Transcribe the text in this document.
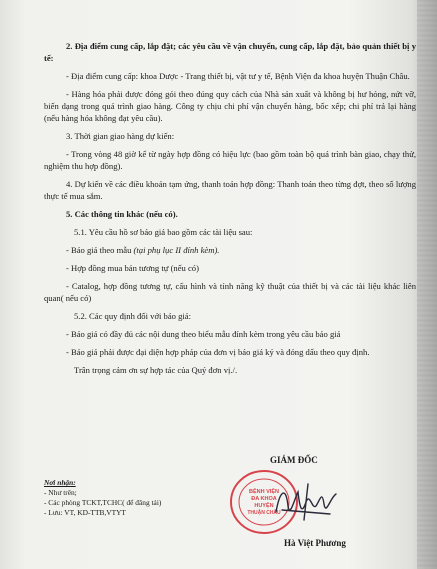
2. Địa điểm cung cấp, lắp đặt; các yêu cầu về vận chuyển, cung cấp, lắp đặt, bảo quản thiết bị y tế:

- Địa điểm cung cấp: khoa Dược - Trang thiết bị, vật tư y tế, Bệnh Viện đa khoa huyện Thuận Châu.

- Hàng hóa phải được đóng gói theo đúng quy cách của Nhà sản xuất và không bị hư hỏng, nứt vỡ, biến dạng trong quá trình giao hàng. Công ty chịu chi phí vận chuyển hàng, bốc xếp; chi phí trả lại hàng (nếu hàng hóa không đạt yêu cầu).

3. Thời gian giao hàng dự kiến:

- Trong vòng 48 giờ kể từ ngày hợp đồng có hiệu lực (bao gồm toàn bộ quá trình bàn giao, chạy thử, nghiệm thu hợp đồng).

4. Dự kiến về các điều khoản tạm ứng, thanh toán hợp đồng: Thanh toán theo từng đợt, theo số lượng thực tế mua sắm.

5. Các thông tin khác (nếu có).

5.1. Yêu cầu hồ sơ báo giá bao gồm các tài liệu sau:

- Báo giá theo mẫu (tại phụ lục II đính kèm).

- Hợp đồng mua bán tương tự (nếu có)

- Catalog, hợp đồng tương tự, cấu hình và tính năng kỹ thuật của thiết bị và các tài liệu khác liên quan( nếu có)

5.2. Các quy định đối với báo giá:

- Báo giá có đầy đủ các nội dung theo biểu mẫu đính kèm trong yêu cầu báo giá

- Báo giá phải được đại diện hợp pháp của đơn vị báo giá ký và đóng dấu theo quy định.

Trân trọng cảm ơn sự hợp tác của Quý đơn vị./.

Nơi nhận:
- Như trên;
- Các phòng TCKT,TCHC( để đăng tải)
- Lưu: VT, KD-TTB,VTYT
GIÁM ĐỐC
BỆNH VIỆN
ĐA KHOA
HUYỆN
THUẬN CHÂU
Hà Việt Phương
